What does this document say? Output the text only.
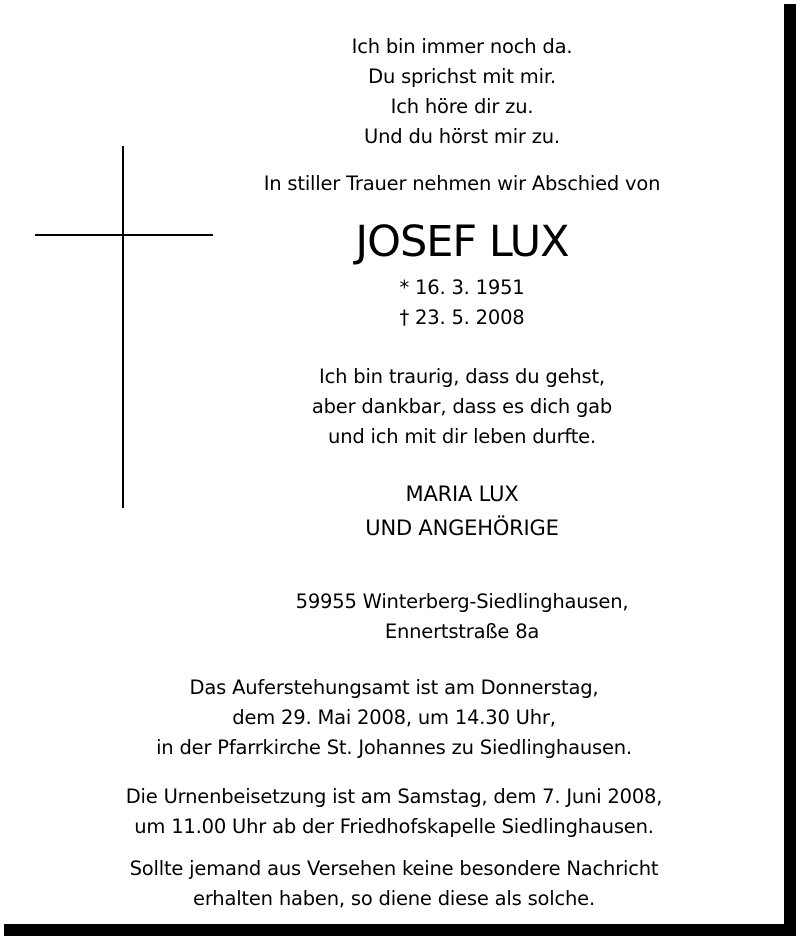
Ich bin immer noch da.
Du sprichst mit mir.
Ich höre dir zu.
Und du hörst mir zu.
In stiller Trauer nehmen wir Abschied von
JOSEF LUX
* 16. 3. 1951
† 23. 5. 2008
Ich bin traurig, dass du gehst,
aber dankbar, dass es dich gab
und ich mit dir leben durfte.
MARIA LUX
UND ANGEHÖRIGE
59955 Winterberg-Siedlinghausen,
Ennertstraße 8a
Das Auferstehungsamt ist am Donnerstag,
dem 29. Mai 2008, um 14.30 Uhr,
in der Pfarrkirche St. Johannes zu Siedlinghausen.
Die Urnenbeisetzung ist am Samstag, dem 7. Juni 2008,
um 11.00 Uhr ab der Friedhofskapelle Siedlinghausen.
Sollte jemand aus Versehen keine besondere Nachricht
erhalten haben, so diene diese als solche.
